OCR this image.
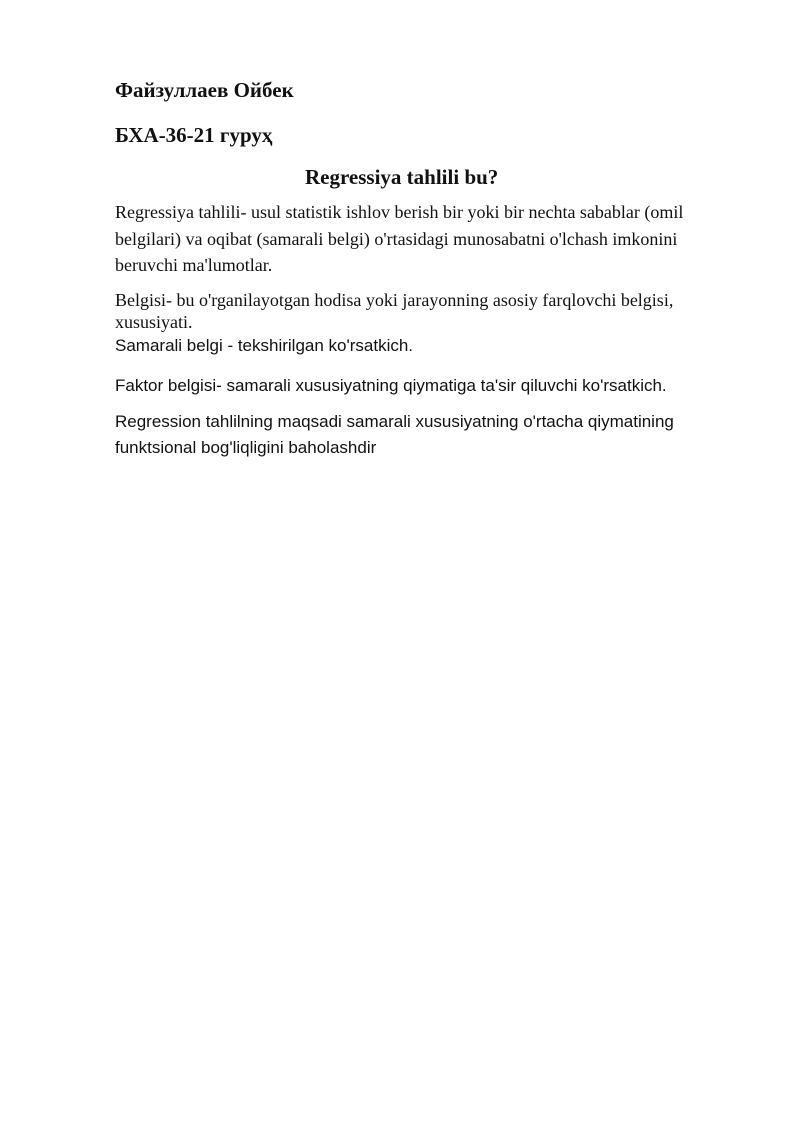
Файзуллаев Ойбек

БХА-36-21 гуруҳ

Regressiya tahlili bu?

Regressiya tahlili- usul statistik ishlov berish bir yoki bir nechta sabablar (omil belgilari) va oqibat (samarali belgi) o'rtasidagi munosabatni o'lchash imkonini beruvchi ma'lumotlar.

Belgisi- bu o'rganilayotgan hodisa yoki jarayonning asosiy farqlovchi belgisi, xususiyati.

Samarali belgi - tekshirilgan ko'rsatkich.

Faktor belgisi- samarali xususiyatning qiymatiga ta'sir qiluvchi ko'rsatkich.

Regression tahlilning maqsadi samarali xususiyatning o'rtacha qiymatining funktsional bog'liqligini baholashdir
